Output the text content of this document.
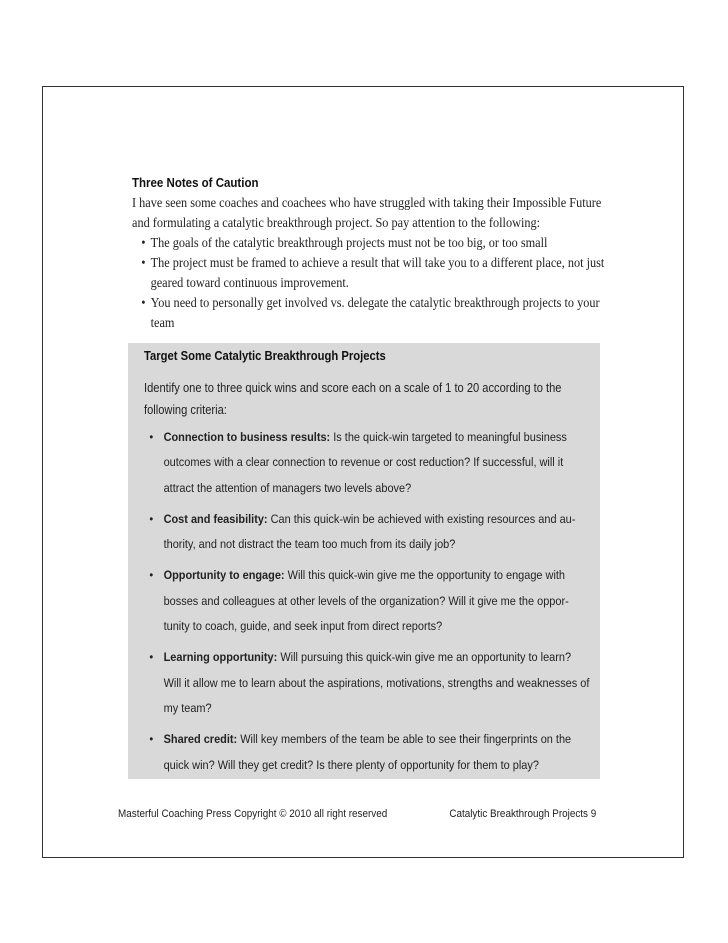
Three Notes of Caution

I have seen some coaches and coachees who have struggled with taking their Impossible Future and formulating a catalytic breakthrough project. So pay attention to the following:

• The goals of the catalytic breakthrough projects must not be too big, or too small
• The project must be framed to achieve a result that will take you to a different place, not just geared toward continuous improvement.
• You need to personally get involved vs. delegate the catalytic breakthrough projects to your team
Target Some Catalytic Breakthrough Projects
Identify one to three quick wins and score each on a scale of 1 to 20 according to the following criteria:
• Connection to business results: Is the quick-win targeted to meaningful business outcomes with a clear connection to revenue or cost reduction? If successful, will it attract the attention of managers two levels above?
• Cost and feasibility: Can this quick-win be achieved with existing resources and au-thority, and not distract the team too much from its daily job?
• Opportunity to engage: Will this quick-win give me the opportunity to engage with bosses and colleagues at other levels of the organization? Will it give me the oppor-tunity to coach, guide, and seek input from direct reports?
• Learning opportunity: Will pursuing this quick-win give me an opportunity to learn? Will it allow me to learn about the aspirations, motivations, strengths and weaknesses of my team?
• Shared credit: Will key members of the team be able to see their fingerprints on the quick win? Will they get credit? Is there plenty of opportunity for them to play?
Masterful Coaching Press Copyright © 2010 all right reserved	Catalytic Breakthrough Projects 9
